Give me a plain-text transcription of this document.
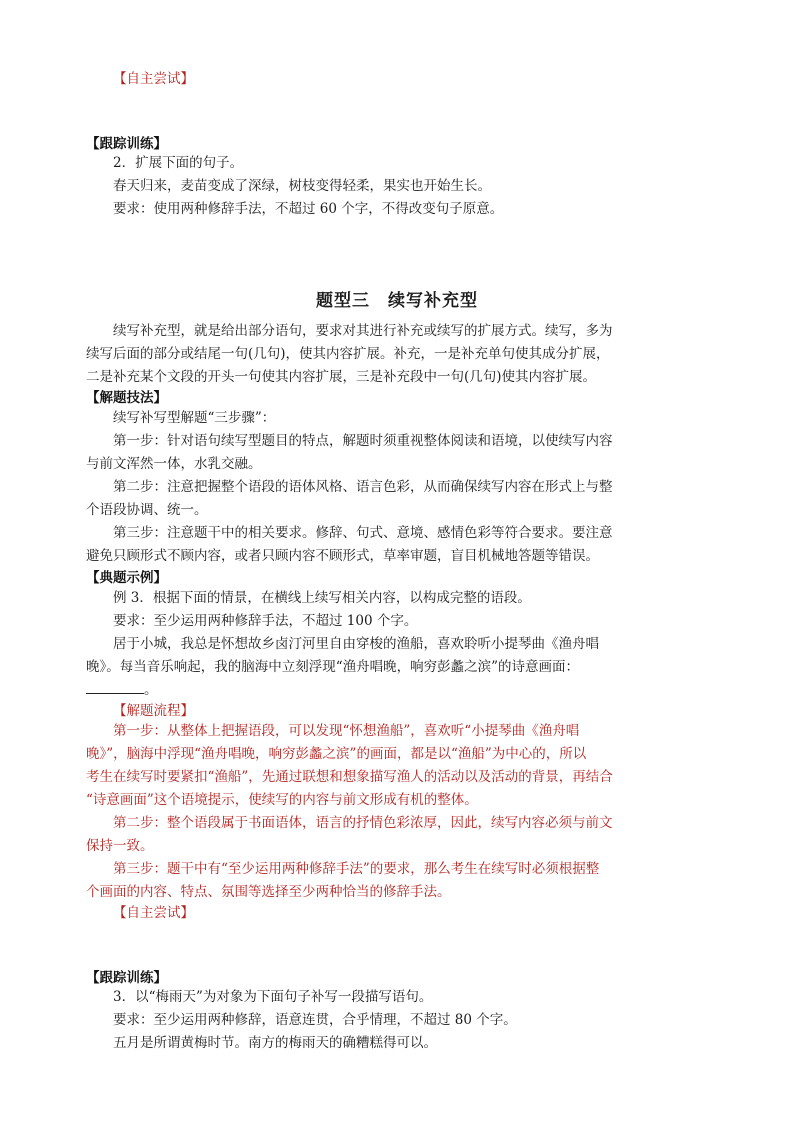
【自主尝试】
【跟踪训练】
2．扩展下面的句子。
春天归来，麦苗变成了深绿，树枝变得轻柔，果实也开始生长。
要求：使用两种修辞手法，不超过 60 个字，不得改变句子原意。
题型三　续写补充型
续写补充型，就是给出部分语句，要求对其进行补充或续写的扩展方式。续写，多为
续写后面的部分或结尾一句(几句)，使其内容扩展。补充，一是补充单句使其成分扩展，
二是补充某个文段的开头一句使其内容扩展，三是补充段中一句(几句)使其内容扩展。
【解题技法】
续写补写型解题“三步骤”：
第一步：针对语句续写型题目的特点，解题时须重视整体阅读和语境，以使续写内容
与前文浑然一体，水乳交融。
第二步：注意把握整个语段的语体风格、语言色彩，从而确保续写内容在形式上与整
个语段协调、统一。
第三步：注意题干中的相关要求。修辞、句式、意境、感情色彩等符合要求。要注意
避免只顾形式不顾内容，或者只顾内容不顾形式，草率审题，盲目机械地答题等错误。
【典题示例】
例 3．根据下面的情景，在横线上续写相关内容，以构成完整的语段。
要求：至少运用两种修辞手法，不超过 100 个字。
居于小城，我总是怀想故乡卤汀河里自由穿梭的渔船，喜欢聆听小提琴曲《渔舟唱
晚》。每当音乐响起，我的脑海中立刻浮现“渔舟唱晚，响穷彭蠡之滨”的诗意画面：
。
【解题流程】
第一步：从整体上把握语段，可以发现“怀想渔船”，喜欢听“小提琴曲《渔舟唱
晚》”，脑海中浮现“渔舟唱晚，响穷彭蠡之滨”的画面，都是以“渔船”为中心的，所以
考生在续写时要紧扣“渔船”，先通过联想和想象描写渔人的活动以及活动的背景，再结合
“诗意画面”这个语境提示，使续写的内容与前文形成有机的整体。
第二步：整个语段属于书面语体，语言的抒情色彩浓厚，因此，续写内容必须与前文
保持一致。
第三步：题干中有“至少运用两种修辞手法”的要求，那么考生在续写时必须根据整
个画面的内容、特点、氛围等选择至少两种恰当的修辞手法。
【自主尝试】
【跟踪训练】
3．以“梅雨天”为对象为下面句子补写一段描写语句。
要求：至少运用两种修辞，语意连贯，合乎情理，不超过 80 个字。
五月是所谓黄梅时节。南方的梅雨天的确糟糕得可以。
